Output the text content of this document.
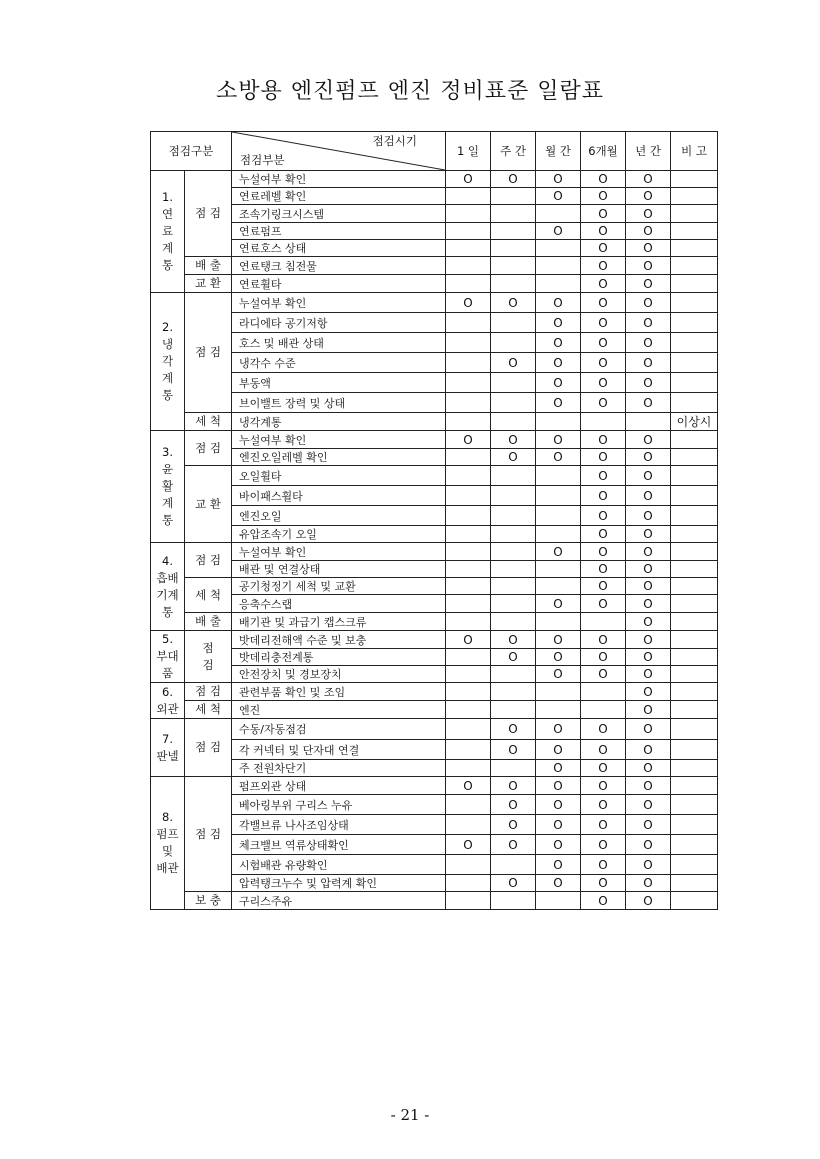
소방용 엔진펌프 엔진 정비표준 일람표
점검구분		점검시기
점검부분	1 일	주 간	월 간	6개월	년 간	비 고
1.
연
료
계
통	점 검	누설여부 확인	O	O	O	O	O	
		연료레벨 확인			O	O	O	
		조속기링크시스템				O	O	
		연료펌프			O	O	O	
		연료호스 상태				O	O	
	배 출	연료탱크 침전물				O	O	
	교 환	연료휠타				O	O	
2.
냉
각
계
통	점 검	누설여부 확인	O	O	O	O	O	
		라디에타 공기저항			O	O	O	
		호스 및 배관 상태			O	O	O	
		냉각수 수준		O	O	O	O	
		부동액			O	O	O	
		브이밸트 장력 및 상태			O	O	O	
	세 척	냉각계통						이상시
3.
윤
활
계
통	점 검	누설여부 확인	O	O	O	O	O	
		엔진오일레벨 확인		O	O	O	O	
	교 환	오일휠타				O	O	
		바이패스휠타				O	O	
		엔진오일				O	O	
		유압조속기 오일				O	O	
4.
흡배
기계
통	점 검	누설여부 확인			O	O	O	
		배관 및 연결상태				O	O	
	세 척	공기청정기 세척 및 교환				O	O	
		응축수스랩			O	O	O	
	배 출	배기관 및 과급기 캡스크류					O	
5.
부대
품	점
검	밧데리전해액 수준 및 보충	O	O	O	O	O	
		밧데리충전계통		O	O	O	O	
		안전장치 및 경보장치			O	O	O	
6.
외관	점 검	관련부품 확인 및 조임					O	
	세 척	엔진					O	
7.
판넬	점 검	수동/자동점검		O	O	O	O	
		각 커넥터 및 단자대 연결		O	O	O	O	
		주 전원차단기			O	O	O	
8.
펌프
및
배관	점 검	펌프외관 상태	O	O	O	O	O	
		베아링부위 구리스 누유		O	O	O	O	
		각밸브류 나사조임상태		O	O	O	O	
		체크밸브 역류상태확인	O	O	O	O	O	
		시험배관 유량확인			O	O	O	
		압력탱크누수 및 압력계 확인		O	O	O	O	
	보 충	구리스주유				O	O	
- 21 -
